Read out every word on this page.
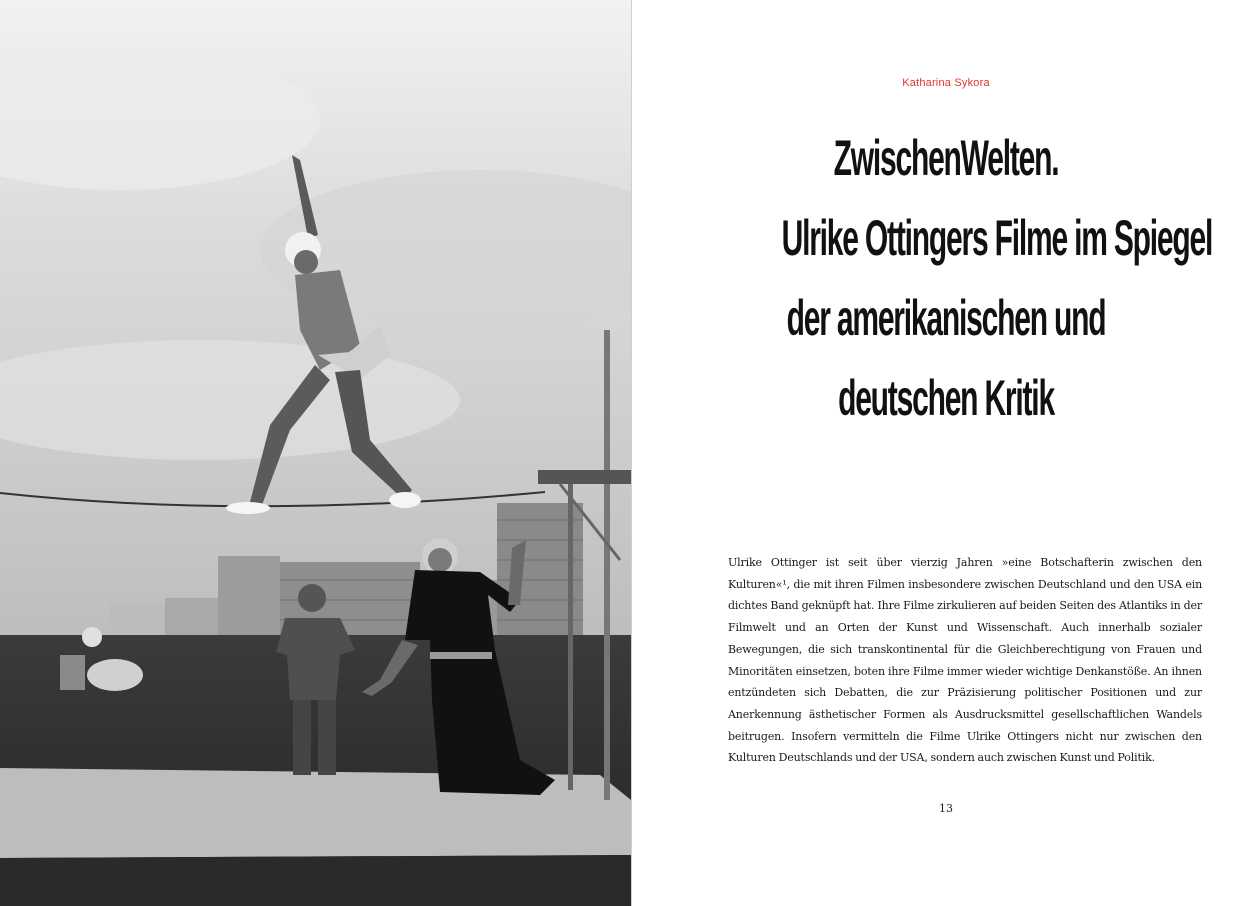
Katharina Sykora
ZwischenWelten.
Ulrike Ottingers Filme im Spiegel
der amerikanischen und
deutschen Kritik

Ulrike Ottinger ist seit über vierzig Jahren »eine Botschafterin zwischen den Kulturen«¹, die mit ihren Filmen insbesondere zwischen Deutschland und den USA ein dichtes Band geknüpft hat. Ihre Filme zirkulieren auf beiden Seiten des Atlantiks in der Filmwelt und an Orten der Kunst und Wissenschaft. Auch innerhalb sozialer Bewegungen, die sich transkontinental für die Gleichberechtigung von Frauen und Minoritäten einsetzen, boten ihre Filme immer wieder wichtige Denkanstöße. An ihnen entzündeten sich Debatten, die zur Präzisierung politischer Positionen und zur Anerkennung ästhetischer Formen als Ausdrucksmittel gesellschaftlichen Wandels beitrugen. Insofern vermitteln die Filme Ulrike Ottingers nicht nur zwischen den Kulturen Deutschlands und der USA, sondern auch zwischen Kunst und Politik.

13
